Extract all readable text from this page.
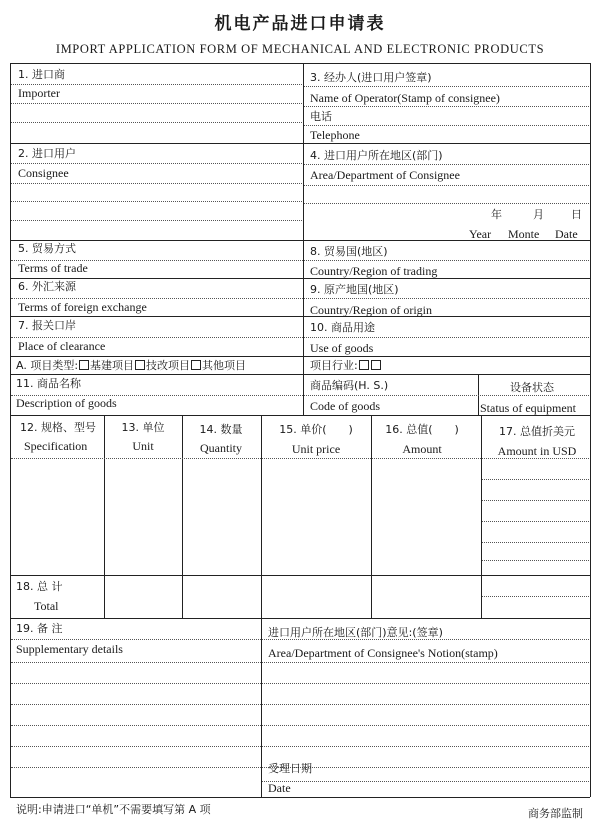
机电产品进口申请表
IMPORT APPLICATION FORM OF MECHANICAL AND ELECTRONIC PRODUCTS
1. 进口商
Importer
3. 经办人(进口用户签章)
Name of Operator(Stamp of consignee)
电话
Telephone
2. 进口用户
Consignee
4. 进口用户所在地区(部门)
Area/Department of Consignee
年	月 日
Year Monte Date
5. 贸易方式
Terms of trade
8. 贸易国(地区)
Country/Region of trading
6. 外汇来源
Terms of foreign exchange
9. 原产地国(地区)
Country/Region of origin
7. 报关口岸
Place of clearance
10. 商品用途
Use of goods
A. 项目类型: 基建项目 技改项目 其他项目	项目行业:
11. 商品名称
Description of goods
商品编码(H. S.)
Code of goods
设备状态
Status of equipment
12. 规格、型号
Specification
13. 单位
Unit
14. 数量
Quantity
15. 单价(　　)
Unit price
16. 总值(　　)
Amount
17. 总值折美元
Amount in USD
18. 总 计
Total
19. 备 注
Supplementary details
进口用户所在地区(部门)意见:(签章)
Area/Department of Consignee's Notion(stamp)
受理日期
Date
说明:申请进口“单机”不需要填写第 A 项	商务部监制
